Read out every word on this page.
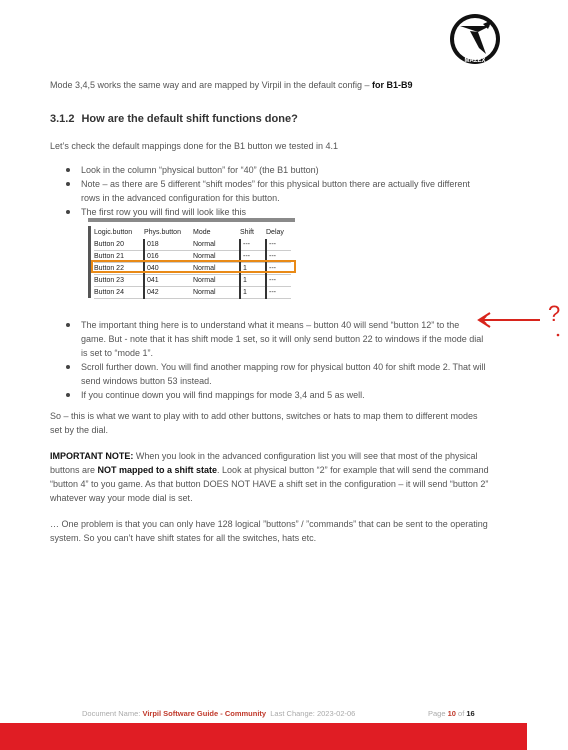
MAZEX
Mode 3,4,5 works the same way and are mapped by Virpil in the default config – for B1-B9
3.1.2 How are the default shift functions done?
Let’s check the default mappings done for the B1 button we tested in 4.1
Look in the column “physical button” for “40” (the B1 button)
Note – as there are 5 different “shift modes” for this physical button there are actually five different rows in the advanced configuration for this button.
The first row you will find will look like this
Logic.button	Phys.button	Mode	Shift	Delay
Button 20	018	Normal	---	---
Button 21	016	Normal	---	---
Button 22	040	Normal	1	---
Button 23	041	Normal	1	---
Button 24	042	Normal	1	---
The important thing here is to understand what it means – button 40 will send “button 12” to the game. But - note that it has shift mode 1 set, so it will only send button 22 to windows if the mode dial is set to “mode 1”.
Scroll further down. You will find another mapping row for physical button 40 for shift mode 2. That will send windows button 53 instead.
If you continue down you will find mappings for mode 3,4 and 5 as well.
?
So – this is what we want to play with to add other buttons, switches or hats to map them to different modes set by the dial.
IMPORTANT NOTE: When you look in the advanced configuration list you will see that most of the physical buttons are NOT mapped to a shift state. Look at physical button “2” for example that will send the command “button 4” to you game. As that button DOES NOT HAVE a shift set in the configuration – it will send “button 2” whatever way your mode dial is set.
… One problem is that you can only have 128 logical ”buttons” / ”commands” that can be sent to the operating system. So you can’t have shift states for all the switches, hats etc.
Document Name: Virpil Software Guide - Community Last Change: 2023-02-06	Page 10 of 16
